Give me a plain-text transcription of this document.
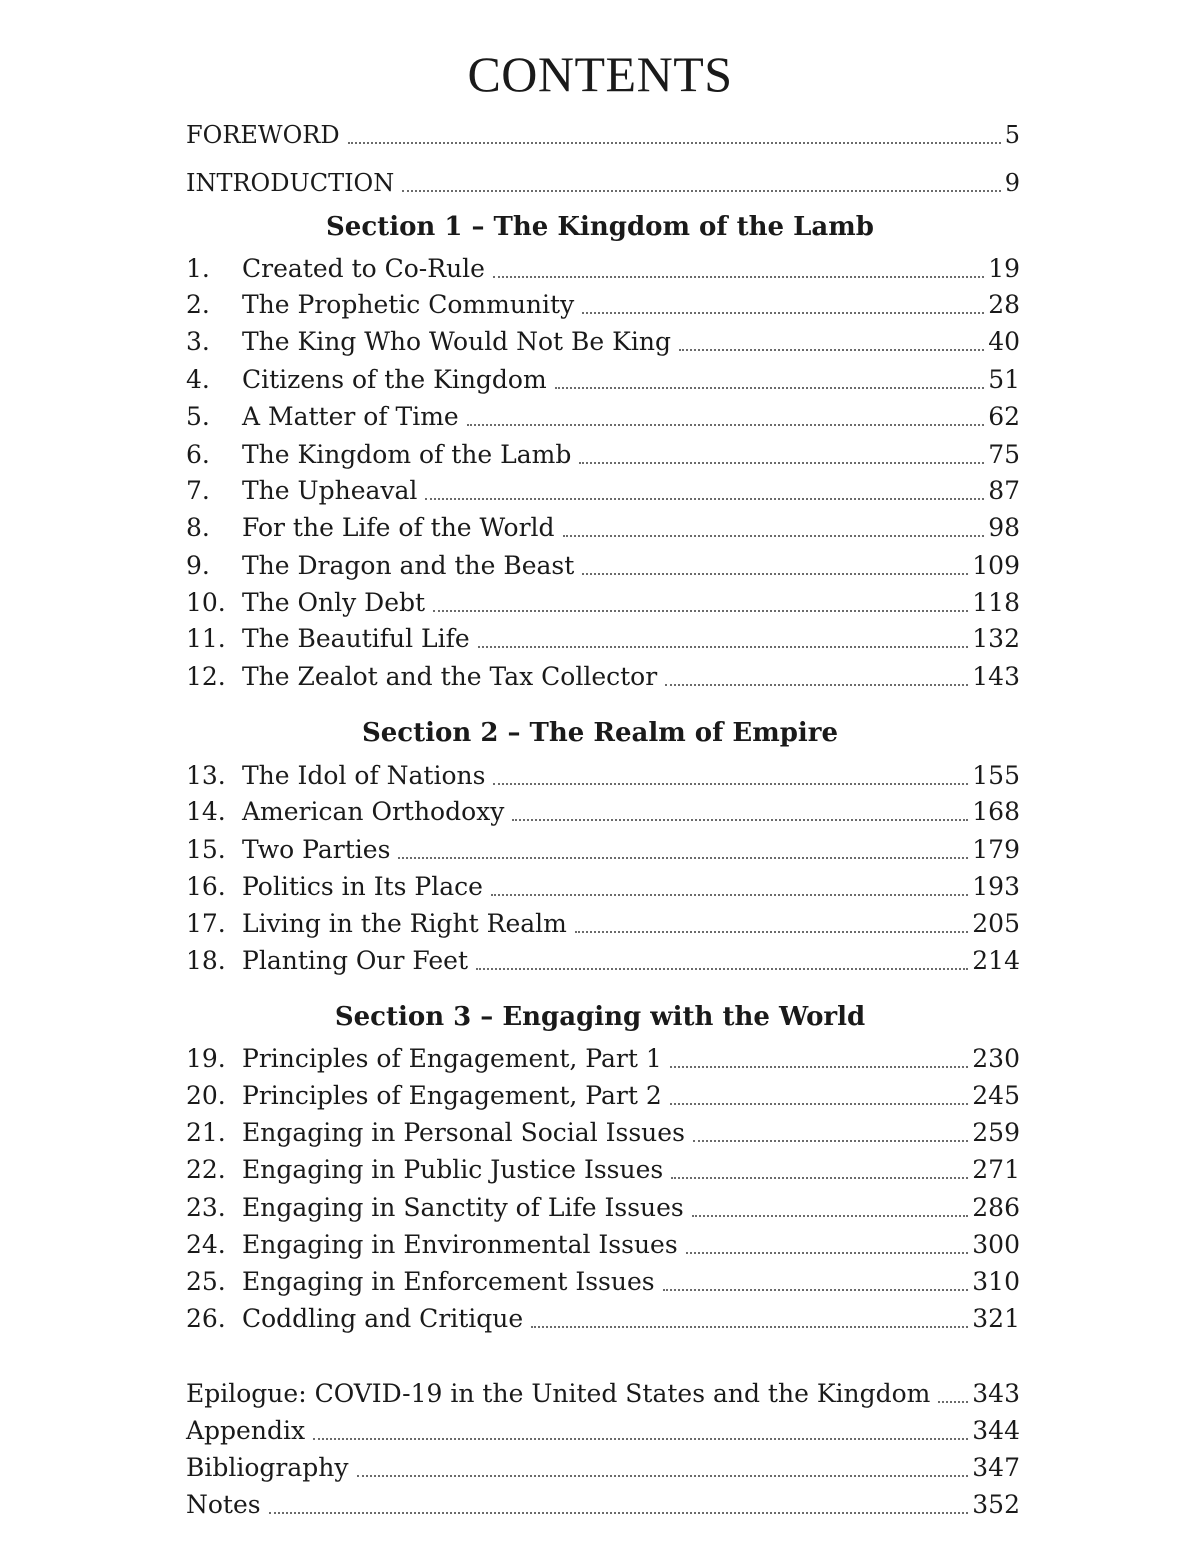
CONTENTS
FOREWORD	5
INTRODUCTION	9
Section 1 – The Kingdom of the Lamb
1.	Created to Co-Rule	19
2.	The Prophetic Community	28
3.	The King Who Would Not Be King	40
4.	Citizens of the Kingdom	51
5.	A Matter of Time	62
6.	The Kingdom of the Lamb	75
7.	The Upheaval	87
8.	For the Life of the World	98
9.	The Dragon and the Beast	109
10. The Only Debt	118
11. The Beautiful Life	132
12. The Zealot and the Tax Collector	143
Section 2 – The Realm of Empire
13. The Idol of Nations	155
14. American Orthodoxy	168
15. Two Parties	179
16. Politics in Its Place	193
17. Living in the Right Realm	205
18. Planting Our Feet	214
Section 3 – Engaging with the World
19. Principles of Engagement, Part 1	230
20. Principles of Engagement, Part 2	245
21. Engaging in Personal Social Issues	259
22. Engaging in Public Justice Issues	271
23. Engaging in Sanctity of Life Issues	286
24. Engaging in Environmental Issues	300
25. Engaging in Enforcement Issues	310
26. Coddling and Critique	321
Epilogue: COVID-19 in the United States and the Kingdom 343
Appendix	344
Bibliography	347
Notes	352
